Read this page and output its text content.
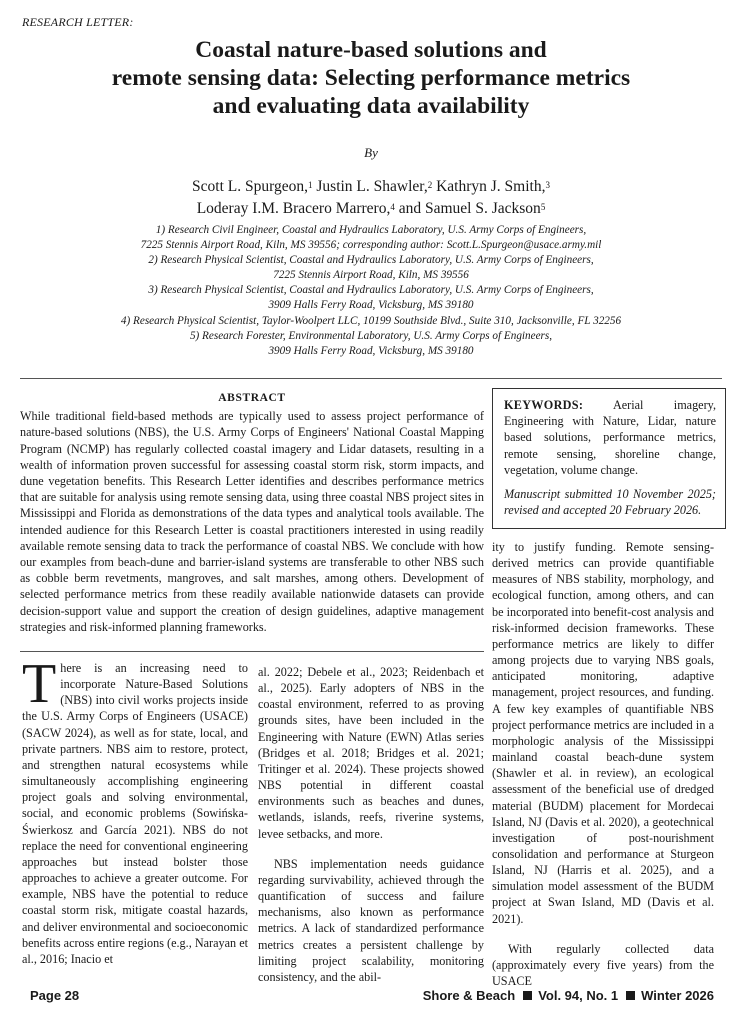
RESEARCH LETTER:
Coastal nature-based solutions and
remote sensing data: Selecting performance metrics
and evaluating data availability
By
Scott L. Spurgeon,$^1$ Justin L. Shawler,$^2$ Kathryn J. Smith,$^3$
Loderay I.M. Bracero Marrero,$^4$ and Samuel S. Jackson$^5$
1) Research Civil Engineer, Coastal and Hydraulics Laboratory, U.S. Army Corps of Engineers,
7225 Stennis Airport Road, Kiln, MS 39556; corresponding author: Scott.L.Spurgeon@usace.army.mil
2) Research Physical Scientist, Coastal and Hydraulics Laboratory, U.S. Army Corps of Engineers,
7225 Stennis Airport Road, Kiln, MS 39556
3) Research Physical Scientist, Coastal and Hydraulics Laboratory, U.S. Army Corps of Engineers,
3909 Halls Ferry Road, Vicksburg, MS 39180
4) Research Physical Scientist, Taylor-Woolpert LLC, 10199 Southside Blvd., Suite 310, Jacksonville, FL 32256
5) Research Forester, Environmental Laboratory, U.S. Army Corps of Engineers,
3909 Halls Ferry Road, Vicksburg, MS 39180
ABSTRACT

While traditional field-based methods are typically used to assess project performance of nature-based solutions (NBS), the U.S. Army Corps of Engineers' National Coastal Mapping Program (NCMP) has regularly collected coastal imagery and Lidar datasets, resulting in a wealth of information proven successful for assessing coastal storm risk, storm impacts, and dune vegetation benefits. This Research Letter identifies and describes performance metrics that are suitable for analysis using remote sensing data, using three coastal NBS project sites in Mississippi and Florida as demonstrations of the data types and analytical tools available. The intended audience for this Research Letter is coastal practitioners interested in using readily available remote sensing data to track the performance of coastal NBS. We conclude with how our examples from beach-dune and barrier-island systems are transferable to other NBS such as cobble berm revetments, mangroves, and salt marshes, among others. Development of selected performance metrics from these readily available nationwide datasets can provide decision-support value and support the creation of design guidelines, adaptive management strategies and risk-informed planning frameworks.

KEYWORDS: Aerial imagery, Engineering with Nature, Lidar, nature based solutions, performance metrics, remote sensing, shoreline change, vegetation, volume change.

Manuscript submitted 10 November 2025; revised and accepted 20 February 2026.

There is an increasing need to incorporate Nature-Based Solutions (NBS) into civil works projects inside the U.S. Army Corps of Engineers (USACE) (SACW 2024), as well as for state, local, and private partners. NBS aim to restore, protect, and strengthen natural ecosystems while simultaneously accomplishing engineering project goals and solving environmental, social, and economic problems (Sowińska-Świerkosz and García 2021). NBS do not replace the need for conventional engineering approaches but instead bolster those approaches to achieve a greater outcome. For example, NBS have the potential to reduce coastal storm risk, mitigate coastal hazards, and deliver environmental and socioeconomic benefits across entire regions (e.g., Narayan et al., 2016; Inacio et

al. 2022; Debele et al., 2023; Reidenbach et al., 2025). Early adopters of NBS in the coastal environment, referred to as proving grounds sites, have been included in the Engineering with Nature (EWN) Atlas series (Bridges et al. 2018; Bridges et al. 2021; Tritinger et al. 2024). These projects showed NBS potential in different coastal environments such as beaches and dunes, wetlands, islands, reefs, riverine systems, levee setbacks, and more.

NBS implementation needs guidance regarding survivability, achieved through the quantification of success and failure mechanisms, also known as performance metrics. A lack of standardized performance metrics creates a persistent challenge by limiting project scalability, monitoring consistency, and the abil-

ity to justify funding. Remote sensing-derived metrics can provide quantifiable measures of NBS stability, morphology, and ecological function, among others, and can be incorporated into benefit-cost analysis and risk-informed decision frameworks. These performance metrics are likely to differ among projects due to varying NBS goals, anticipated monitoring, adaptive management, project resources, and funding. A few key examples of quantifiable NBS project performance metrics are included in a morphologic analysis of the Mississippi mainland coastal beach-dune system (Shawler et al. in review), an ecological assessment of the beneficial use of dredged material (BUDM) placement for Mordecai Island, NJ (Davis et al. 2020), a geotechnical investigation of post-nourishment consolidation and performance at Sturgeon Island, NJ (Harris et al. 2025), and a simulation model assessment of the BUDM project at Swan Island, MD (Davis et al. 2021).

With regularly collected data (approximately every five years) from the USACE

Page 28	Shore & Beach Vol. 94, No. 1 Winter 2026
